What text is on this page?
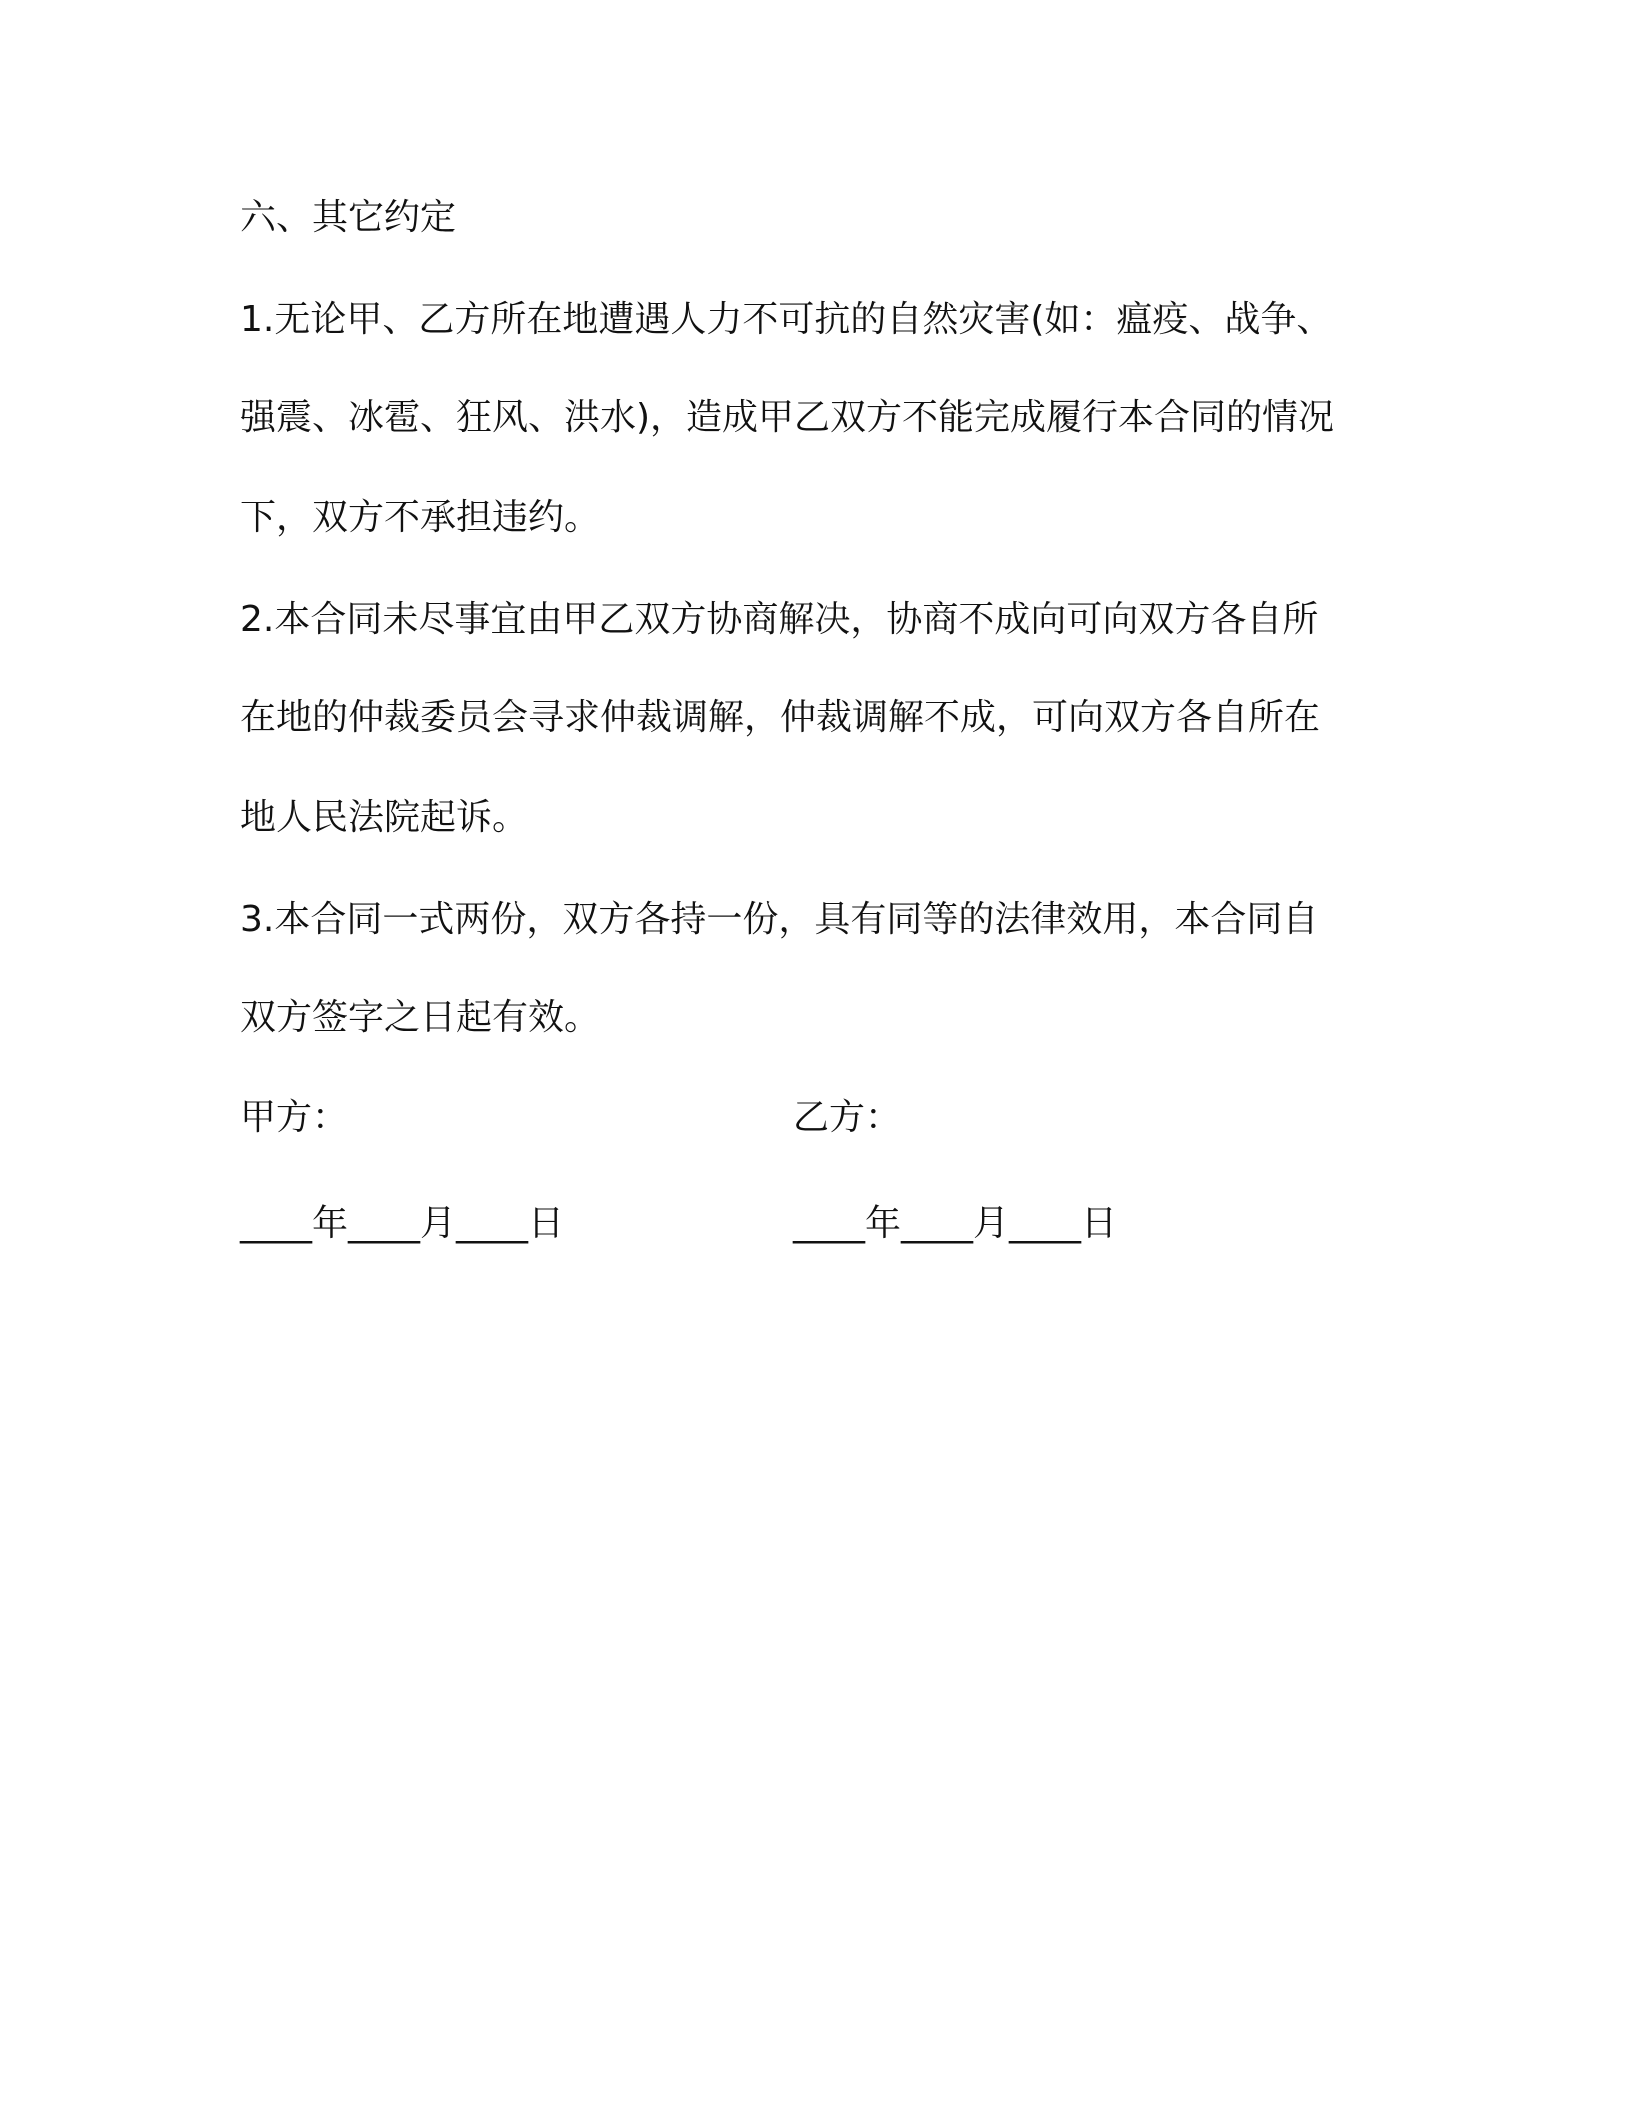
六、其它约定
1.无论甲、乙方所在地遭遇人力不可抗的自然灾害(如：瘟疫、战争、
强震、冰雹、狂风、洪水)，造成甲乙双方不能完成履行本合同的情况
下，双方不承担违约。
2.本合同未尽事宜由甲乙双方协商解决，协商不成向可向双方各自所
在地的仲裁委员会寻求仲裁调解，仲裁调解不成，可向双方各自所在
地人民法院起诉。
3.本合同一式两份，双方各持一份，具有同等的法律效用，本合同自
双方签字之日起有效。
甲方：	乙方：
____年____月____日	____年____月____日
